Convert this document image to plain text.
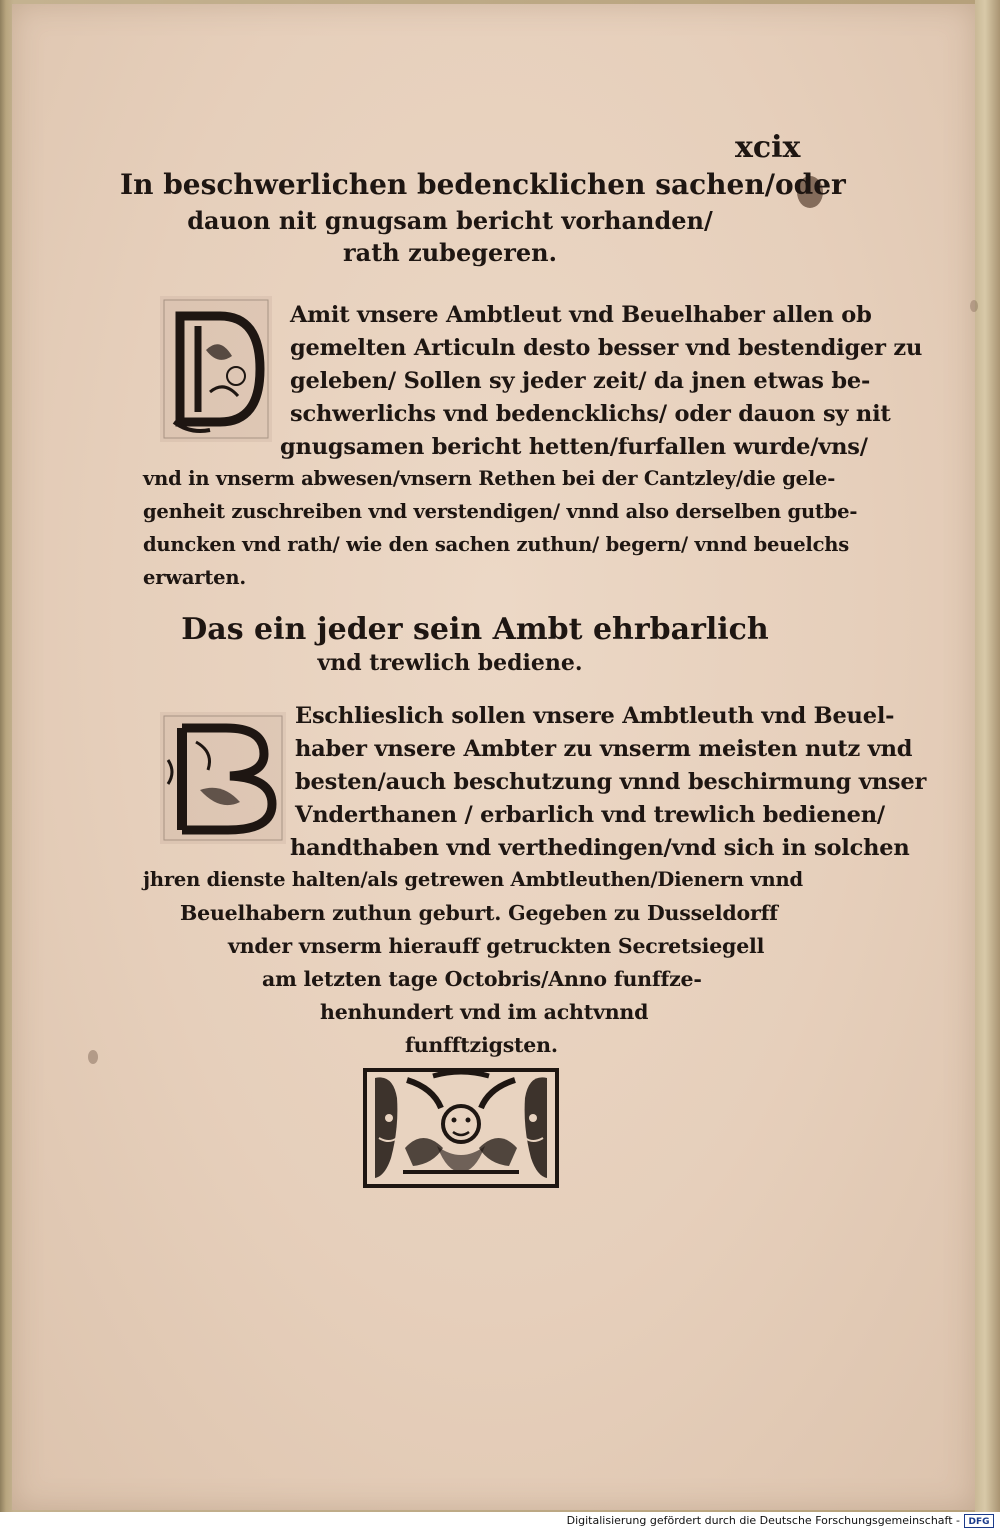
xcix
In beschwerlichen bedencklichen sachen/oder
dauon nit gnugsam bericht vorhanden/
rath zubegeren.
Amit vnsere Ambtleut vnd Beuelhaber allen ob
gemelten Articuln desto besser vnd bestendiger zu
geleben/ Sollen sy jeder zeit/ da jnen etwas be-
schwerlichs vnd bedencklichs/ oder dauon sy nit
gnugsamen bericht hetten/furfallen wurde/vns/
vnd in vnserm abwesen/vnsern Rethen bei der Cantzley/die gele-
genheit zuschreiben vnd verstendigen/ vnnd also derselben gutbe-
duncken vnd rath/ wie den sachen zuthun/ begern/ vnnd beuelchs
erwarten.
Das ein jeder sein Ambt ehrbarlich
vnd trewlich bediene.
Eschlieslich sollen vnsere Ambtleuth vnd Beuel-
haber vnsere Ambter zu vnserm meisten nutz vnd
besten/auch beschutzung vnnd beschirmung vnser
Vnderthanen / erbarlich vnd trewlich bedienen/
handthaben vnd verthedingen/vnd sich in solchen
jhren dienste halten/als getrewen Ambtleuthen/Dienern vnnd
Beuelhabern zuthun geburt. Gegeben zu Dusseldorff
vnder vnserm hierauff getruckten Secretsiegell
am letzten tage Octobris/Anno funffze-
henhundert vnd im achtvnnd
funfftzigsten.
Digitalisierung gefördert durch die Deutsche Forschungsgemeinschaft - DFG
